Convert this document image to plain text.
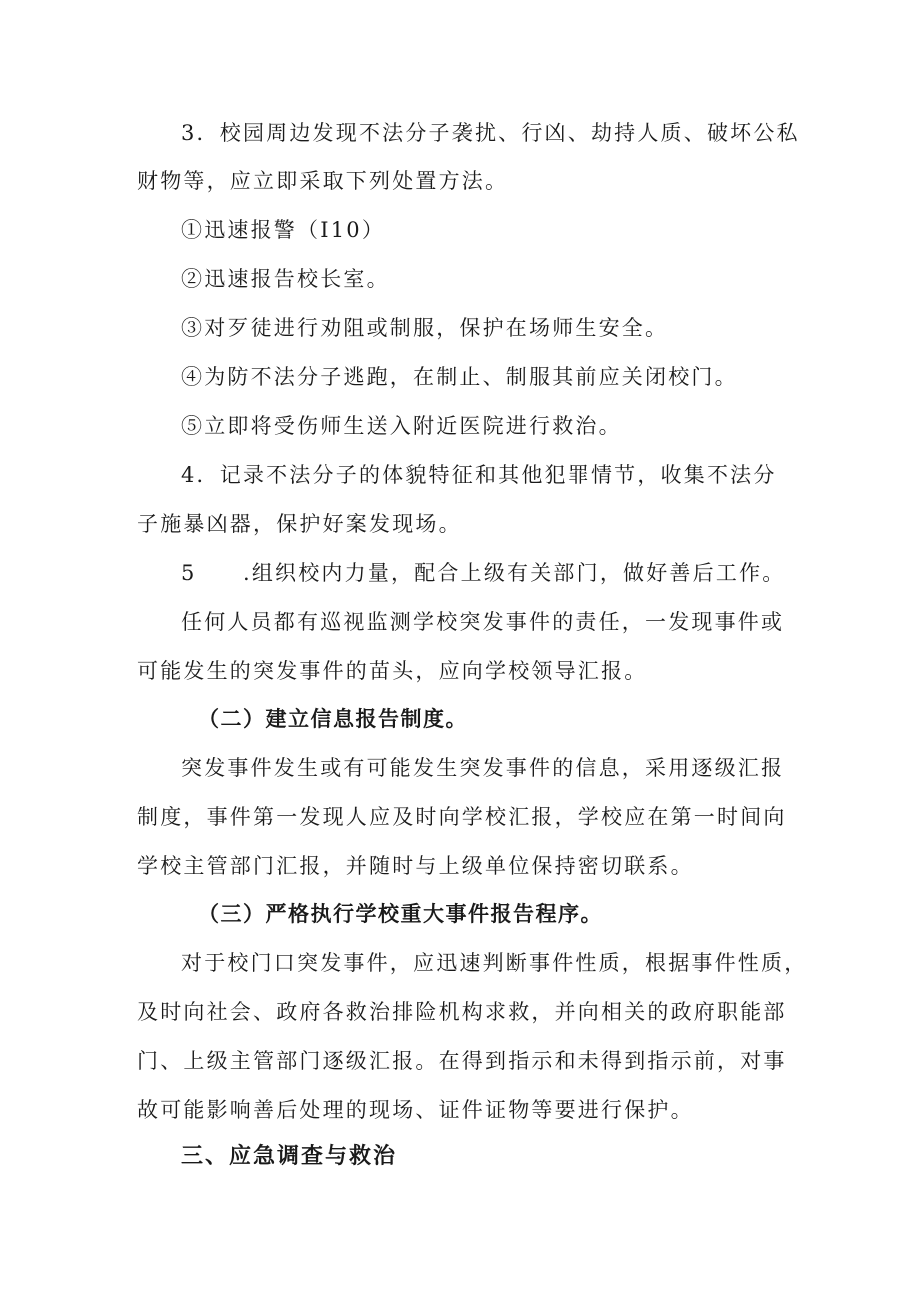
3．校园周边发现不法分子袭扰、行凶、劫持人质、破坏公私
财物等，应立即采取下列处置方法。
①迅速报警（I10）
②迅速报告校长室。
③对歹徒进行劝阻或制服，保护在场师生安全。
④为防不法分子逃跑，在制止、制服其前应关闭校门。
⑤立即将受伤师生送入附近医院进行救治。
4．记录不法分子的体貌特征和其他犯罪情节，收集不法分
子施暴凶器，保护好案发现场。
5　　.组织校内力量，配合上级有关部门，做好善后工作。
任何人员都有巡视监测学校突发事件的责任，一发现事件或
可能发生的突发事件的苗头，应向学校领导汇报。
（二）建立信息报告制度。
突发事件发生或有可能发生突发事件的信息，采用逐级汇报
制度，事件第一发现人应及时向学校汇报，学校应在第一时间向
学校主管部门汇报，并随时与上级单位保持密切联系。
（三）严格执行学校重大事件报告程序。
对于校门口突发事件，应迅速判断事件性质，根据事件性质，
及时向社会、政府各救治排险机构求救，并向相关的政府职能部
门、上级主管部门逐级汇报。在得到指示和未得到指示前，对事
故可能影响善后处理的现场、证件证物等要进行保护。
三、应急调查与救治
